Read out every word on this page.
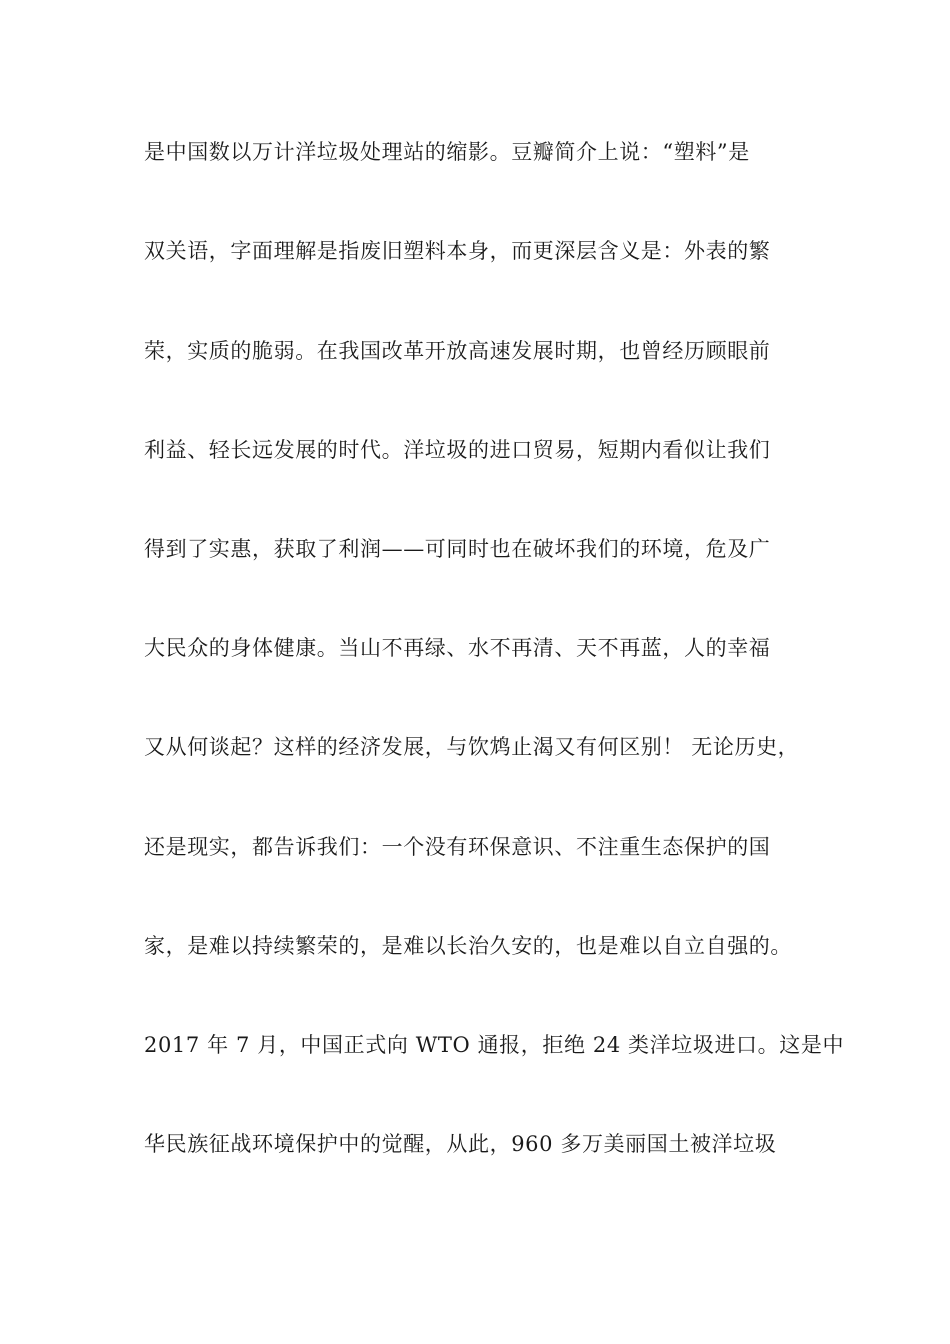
是中国数以万计洋垃圾处理站的缩影。豆瓣简介上说：“塑料”是
双关语，字面理解是指废旧塑料本身，而更深层含义是：外表的繁
荣，实质的脆弱。在我国改革开放高速发展时期，也曾经历顾眼前
利益、轻长远发展的时代。洋垃圾的进口贸易，短期内看似让我们
得到了实惠，获取了利润——可同时也在破坏我们的环境，危及广
大民众的身体健康。当山不再绿、水不再清、天不再蓝，人的幸福
又从何谈起？这样的经济发展，与饮鸩止渴又有何区别！ 无论历史，
还是现实，都告诉我们：一个没有环保意识、不注重生态保护的国
家，是难以持续繁荣的，是难以长治久安的，也是难以自立自强的。
2017 年 7 月，中国正式向 WTO 通报，拒绝 24 类洋垃圾进口。这是中
华民族征战环境保护中的觉醒，从此，960 多万美丽国土被洋垃圾
